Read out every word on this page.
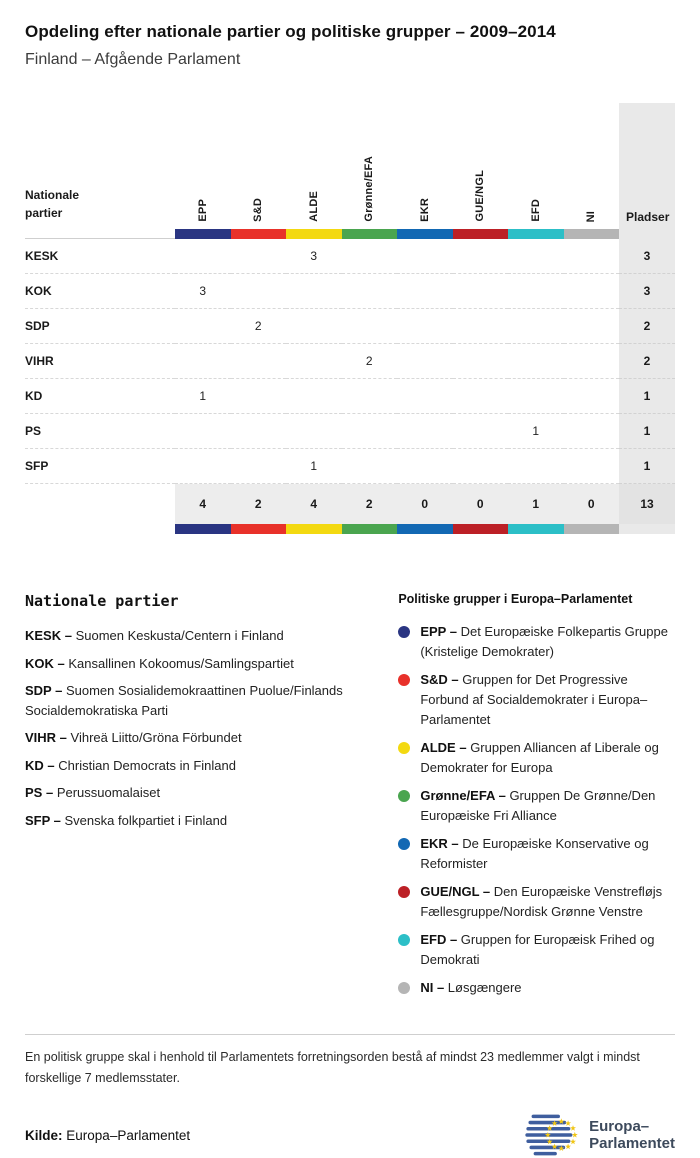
Opdeling efter nationale partier og politiske grupper – 2009–2014
Finland – Afgående Parlament
Nationale partier	EPP	S&D	ALDE	Grønne/EFA	EKR	GUE/NGL	EFD	NI Pladser
KESK	3	3
KOK	3	3
SDP	2	2
VIHR	2	2
KD	1	1
PS	1	1
SFP	1	1
4	2	4	2	0	0	1	0	13
Nationale partier
KESK – Suomen Keskusta/Centern i Finland
KOK – Kansallinen Kokoomus/Samlingspartiet
SDP – Suomen Sosialidemokraattinen Puolue/Finlands Socialdemokratiska Parti
VIHR – Vihreä Liitto/Gröna Förbundet
KD – Christian Democrats in Finland
PS – Perussuomalaiset
SFP – Svenska folkpartiet i Finland
Politiske grupper i Europa–Parlamentet
EPP – Det Europæiske Folkepartis Gruppe (Kristelige Demokrater)
S&D – Gruppen for Det Progressive Forbund af Socialdemokrater i Europa–Parlamentet
ALDE – Gruppen Alliancen af Liberale og Demokrater for Europa
Grønne/EFA – Gruppen De Grønne/Den Europæiske Fri Alliance
EKR – De Europæiske Konservative og Reformister
GUE/NGL – Den Europæiske Venstrefløjs Fællesgruppe/Nordisk Grønne Venstre
EFD – Gruppen for Europæisk Frihed og Demokrati
NI – Løsgængere
En politisk gruppe skal i henhold til Parlamentets forretningsorden bestå af mindst 23 medlemmer valgt i mindst forskellige 7 medlemsstater.
Kilde: Europa–Parlamentet
Europa–
Parlamentet
